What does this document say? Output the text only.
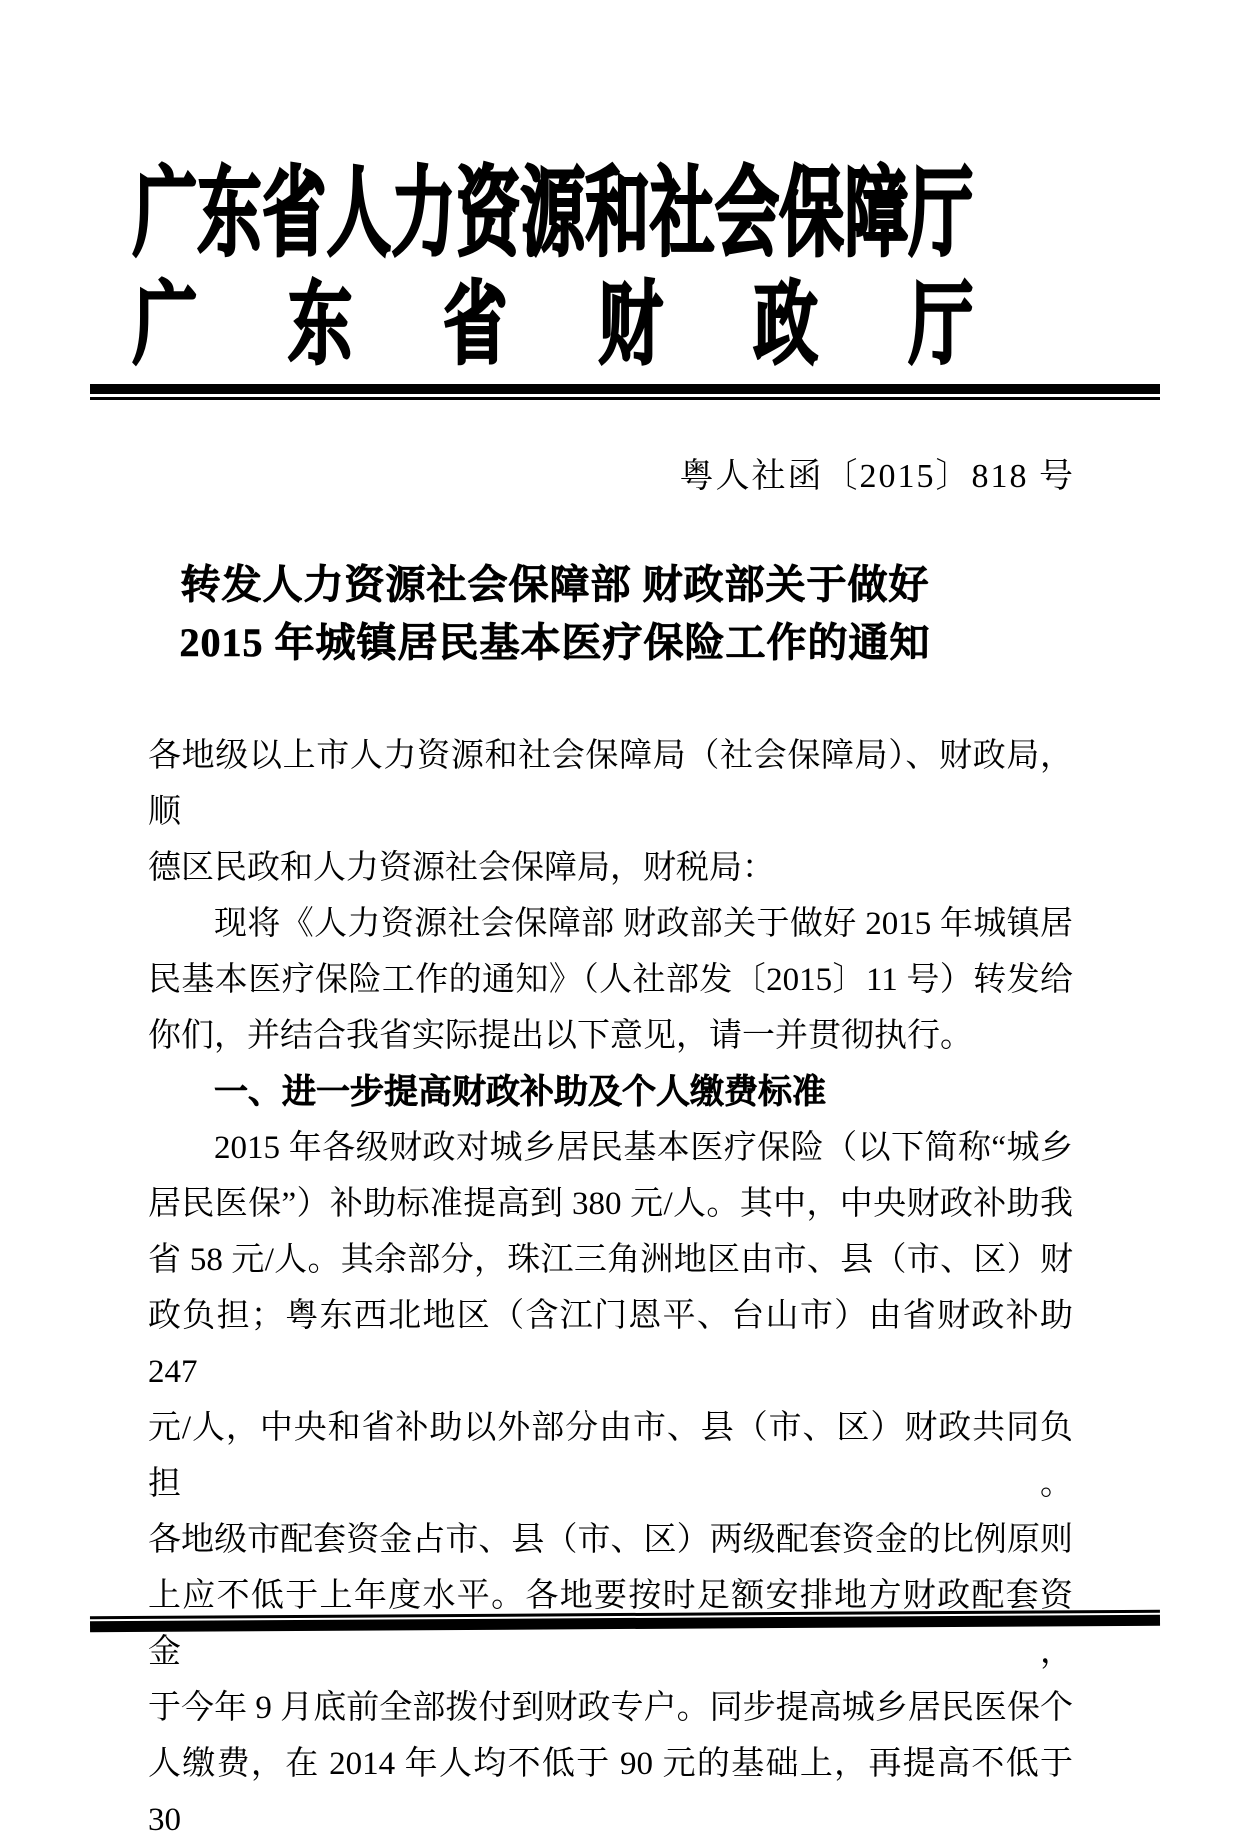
广东省人力资源和社会保障厅
广东省财政厅
粤人社函〔2015〕818 号
转发人力资源社会保障部 财政部关于做好
2015 年城镇居民基本医疗保险工作的通知
各地级以上市人力资源和社会保障局（社会保障局）、财政局，顺
德区民政和人力资源社会保障局，财税局：
现将《人力资源社会保障部 财政部关于做好 2015 年城镇居
民基本医疗保险工作的通知》（人社部发〔2015〕11 号）转发给
你们，并结合我省实际提出以下意见，请一并贯彻执行。
一、进一步提高财政补助及个人缴费标准
2015 年各级财政对城乡居民基本医疗保险（以下简称“城乡
居民医保”）补助标准提高到 380 元/人。其中，中央财政补助我
省 58 元/人。其余部分，珠江三角洲地区由市、县（市、区）财
政负担；粤东西北地区（含江门恩平、台山市）由省财政补助 247
元/人，中央和省补助以外部分由市、县（市、区）财政共同负担。
各地级市配套资金占市、县（市、区）两级配套资金的比例原则
上应不低于上年度水平。各地要按时足额安排地方财政配套资金，
于今年 9 月底前全部拨付到财政专户。同步提高城乡居民医保个
人缴费，在 2014 年人均不低于 90 元的基础上，再提高不低于 30
